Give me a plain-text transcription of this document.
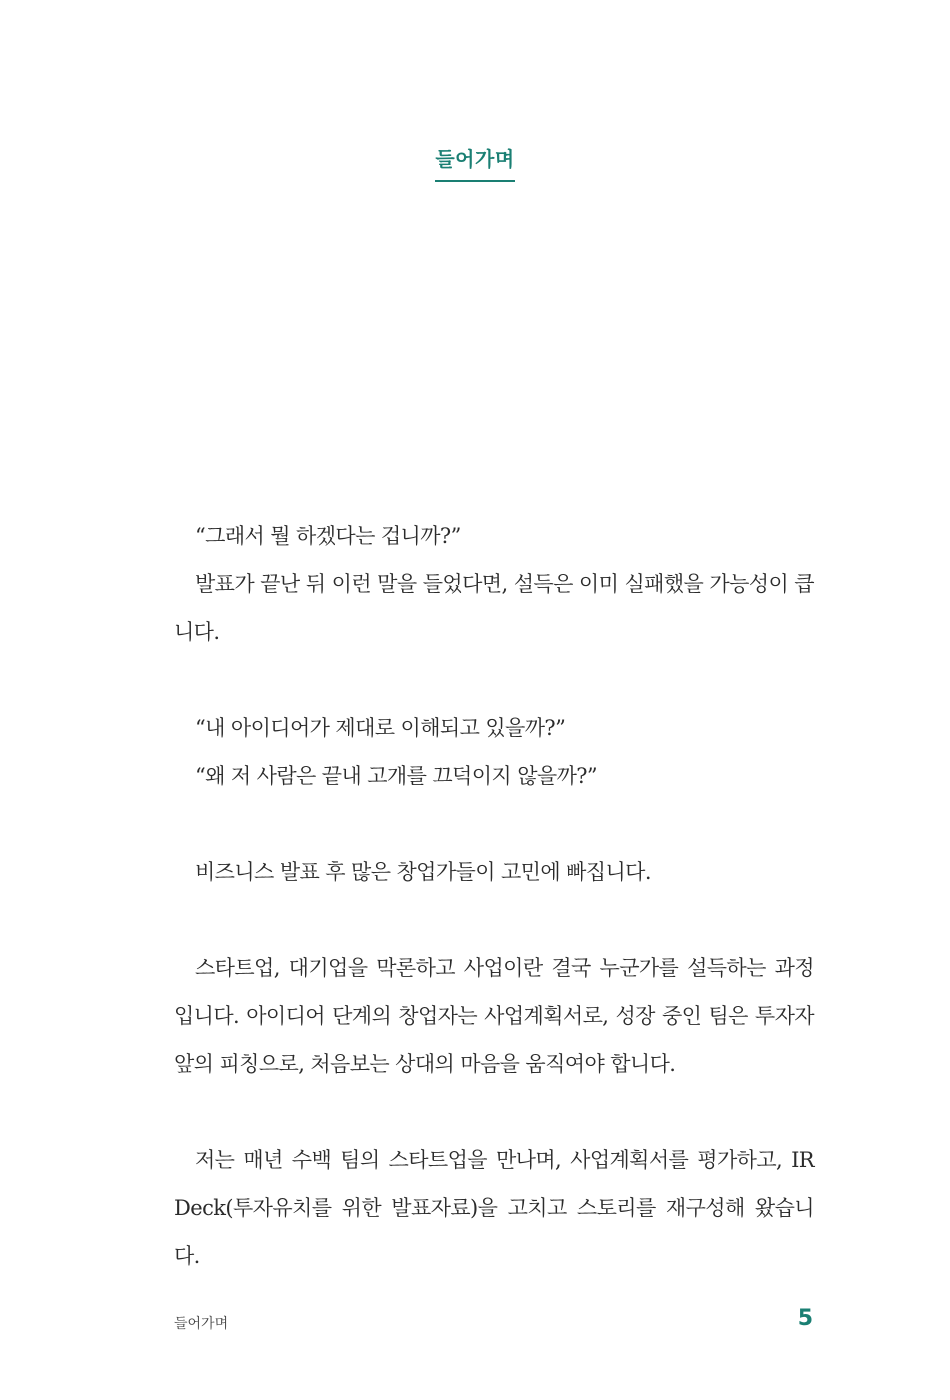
들어가며

“그래서 뭘 하겠다는 겁니까?”

발표가 끝난 뒤 이런 말을 들었다면, 설득은 이미 실패했을 가능성이 큽니다.

“내 아이디어가 제대로 이해되고 있을까?”

“왜 저 사람은 끝내 고개를 끄덕이지 않을까?”

비즈니스 발표 후 많은 창업가들이 고민에 빠집니다.

스타트업, 대기업을 막론하고 사업이란 결국 누군가를 설득하는 과정입니다. 아이디어 단계의 창업자는 사업계획서로, 성장 중인 팀은 투자자 앞의 피칭으로, 처음보는 상대의 마음을 움직여야 합니다.

저는 매년 수백 팀의 스타트업을 만나며, 사업계획서를 평가하고, IR Deck(투자유치를 위한 발표자료)을 고치고 스토리를 재구성해 왔습니다.

들어가며	5
